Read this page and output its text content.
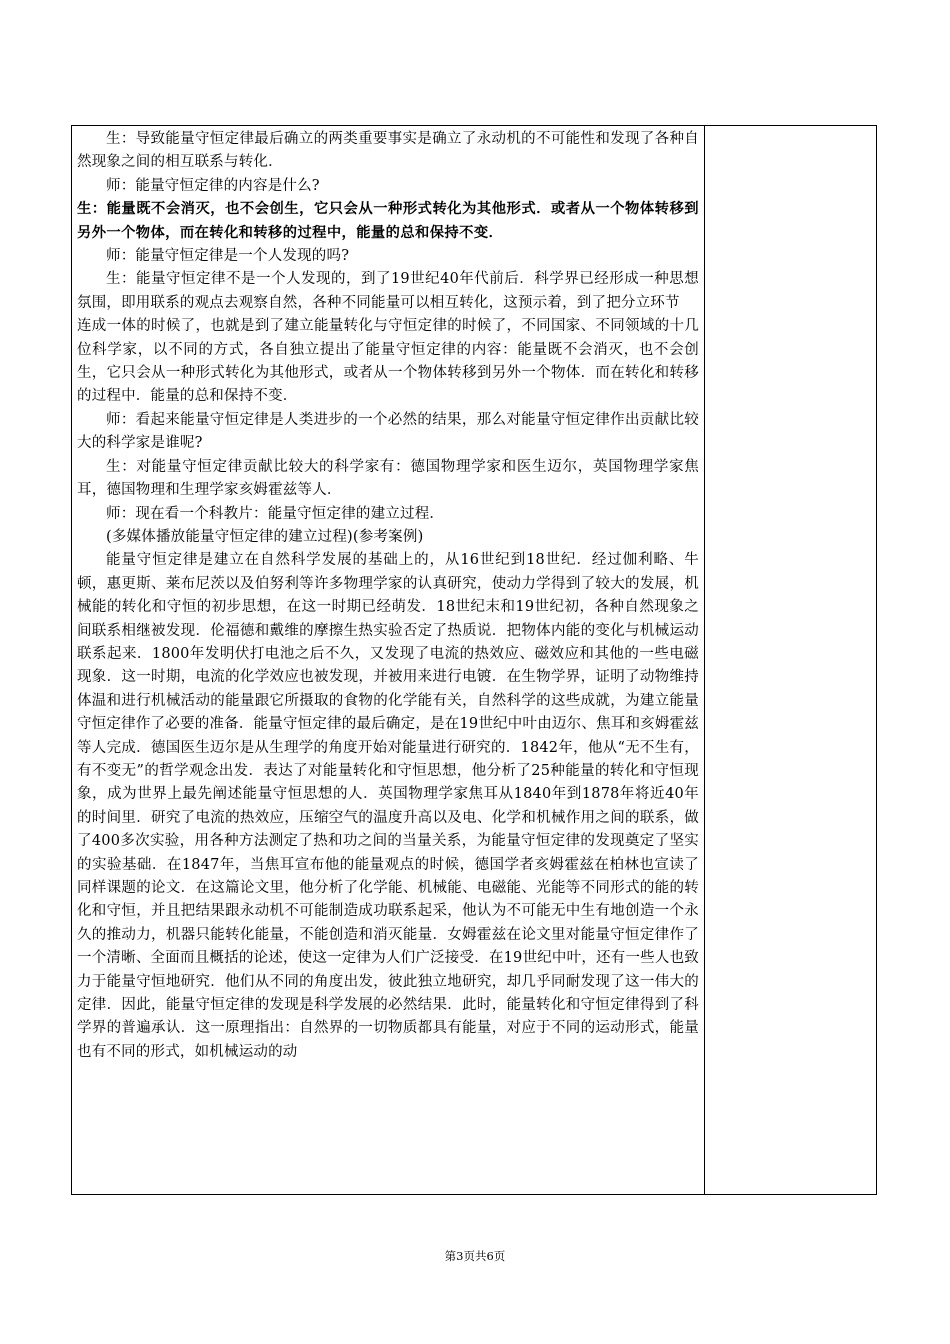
生：导致能量守恒定律最后确立的两类重要事实是确立了永动机的不可能性和发现了各种自然现象之间的相互联系与转化．

师：能量守恒定律的内容是什么?

生：能量既不会消灭，也不会创生，它只会从一种形式转化为其他形式．或者从一个物体转移到另外一个物体，而在转化和转移的过程中，能量的总和保持不变．

师：能量守恒定律是一个人发现的吗?

生：能量守恒定律不是一个人发现的，到了19世纪40年代前后．科学界已经形成一种思想氛围，即用联系的观点去观察自然，各种不同能量可以相互转化，这预示着，到了把分立环节

连成一体的时候了，也就是到了建立能量转化与守恒定律的时候了，不同国家、不同领域的十几位科学家，以不同的方式，各自独立提出了能量守恒定律的内容：能量既不会消灭，也不会创生，它只会从一种形式转化为其他形式，或者从一个物体转移到另外一个物体．而在转化和转移的过程中．能量的总和保持不变．

师：看起来能量守恒定律是人类进步的一个必然的结果，那么对能量守恒定律作出贡献比较大的科学家是谁呢?

生：对能量守恒定律贡献比较大的科学家有：德国物理学家和医生迈尔，英国物理学家焦耳，德国物理和生理学家亥姆霍兹等人．

师：现在看一个科教片：能量守恒定律的建立过程．

(多媒体播放能量守恒定律的建立过程)(参考案例)

能量守恒定律是建立在自然科学发展的基础上的，从16世纪到18世纪．经过伽利略、牛顿，惠更斯、莱布尼茨以及伯努利等许多物理学家的认真研究，使动力学得到了较大的发展，机械能的转化和守恒的初步思想，在这一时期已经萌发．18世纪末和19世纪初，各种自然现象之间联系相继被发现．伦福德和戴维的摩擦生热实验否定了热质说．把物体内能的变化与机械运动联系起来．1800年发明伏打电池之后不久，又发现了电流的热效应、磁效应和其他的一些电磁现象．这一时期，电流的化学效应也被发现，并被用来进行电镀．在生物学界，证明了动物维持体温和进行机械活动的能量跟它所摄取的食物的化学能有关，自然科学的这些成就，为建立能量守恒定律作了必要的准备．能量守恒定律的最后确定，是在19世纪中叶由迈尔、焦耳和亥姆霍兹等人完成．德国医生迈尔是从生理学的角度开始对能量进行研究的．1842年，他从“无不生有，有不变无”的哲学观念出发．表达了对能量转化和守恒思想，他分析了25种能量的转化和守恒现象，成为世界上最先阐述能量守恒思想的人．英国物理学家焦耳从1840年到1878年将近40年的时间里．研究了电流的热效应，压缩空气的温度升高以及电、化学和机械作用之间的联系，做了400多次实验，用各种方法测定了热和功之间的当量关系，为能量守恒定律的发现奠定了坚实的实验基础．在1847年，当焦耳宣布他的能量观点的时候，德国学者亥姆霍兹在柏林也宣读了同样课题的论文．在这篇论文里，他分析了化学能、机械能、电磁能、光能等不同形式的能的转化和守恒，并且把结果跟永动机不可能制造成功联系起采，他认为不可能无中生有地创造一个永久的推动力，机器只能转化能量，不能创造和消灭能量．女姆霍兹在论文里对能量守恒定律作了一个清晰、全面而且概括的论述，使这一定律为人们广泛接受．在19世纪中叶，还有一些人也致力于能量守恒地研究．他们从不同的角度出发，彼此独立地研究，却几乎同耐发现了这一伟大的定律．因此，能量守恒定律的发现是科学发展的必然结果．此时，能量转化和守恒定律得到了科学界的普遍承认．这一原理指出：自然界的一切物质都具有能量，对应于不同的运动形式，能量也有不同的形式，如机械运动的动

第3页共6页
